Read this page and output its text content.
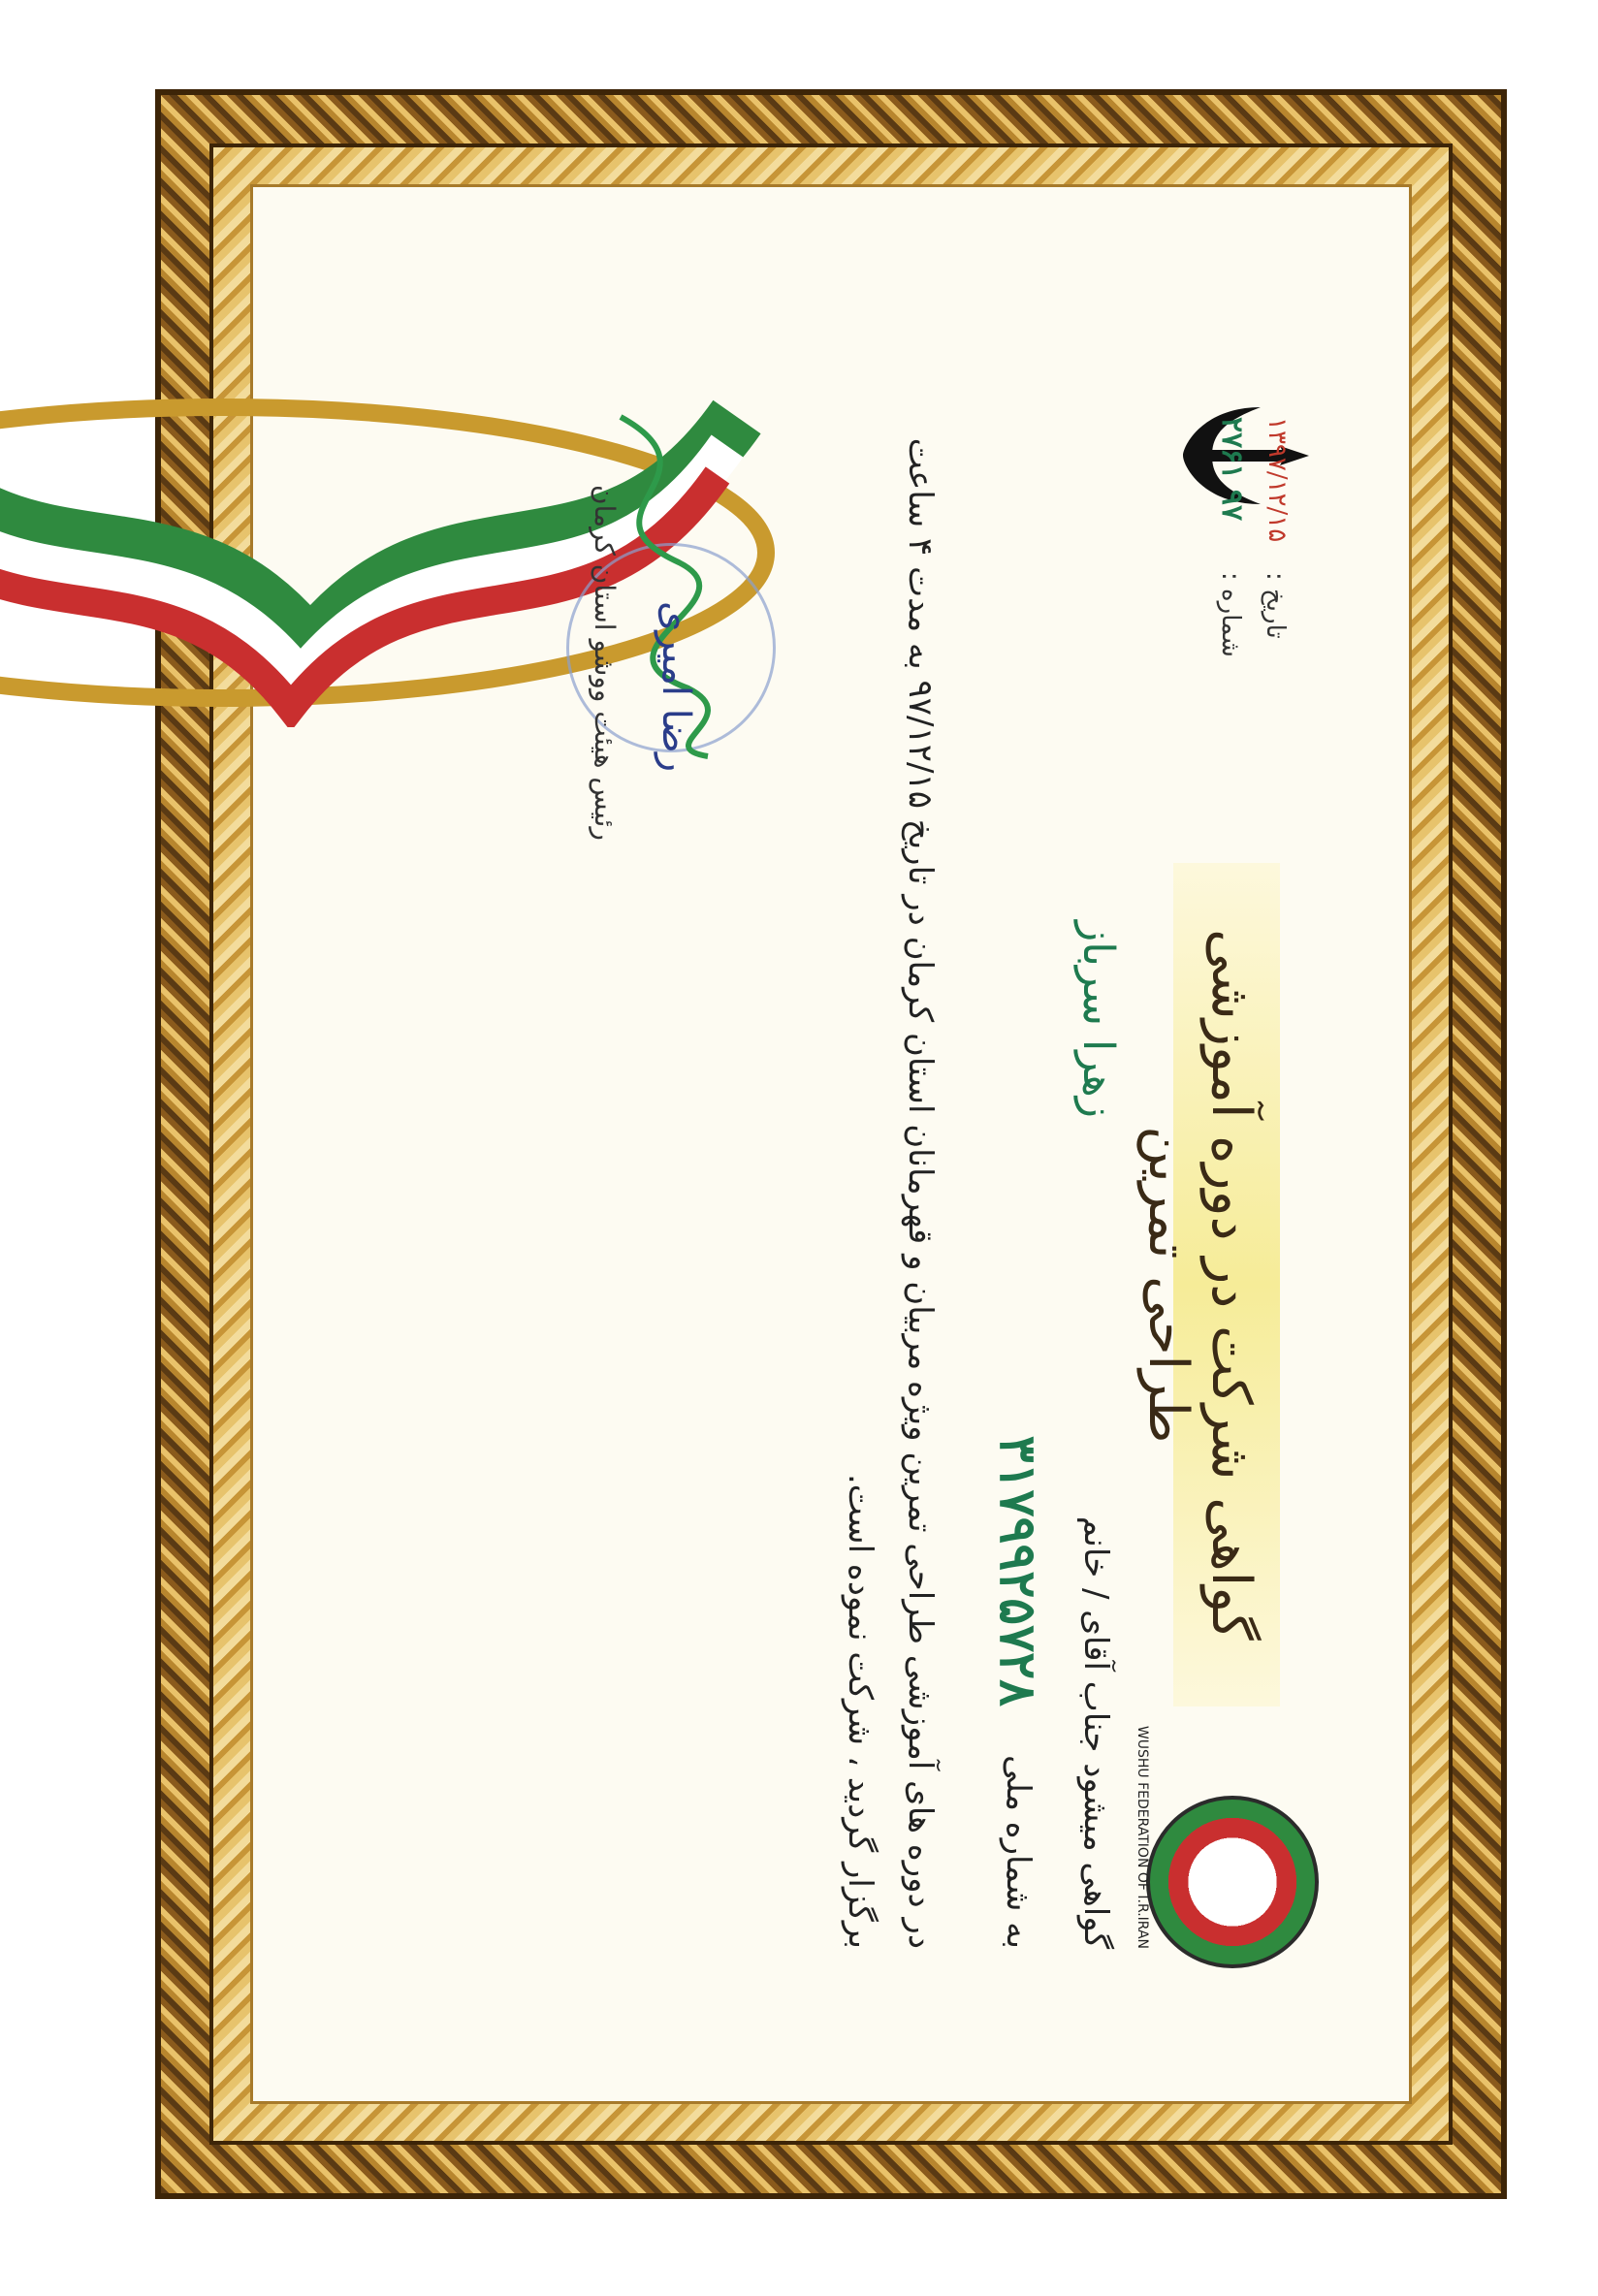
تاریخ :
۱۳۹۷/۱۲/۱۵
شماره :
۲۷۶۱ ۹۷
WUSHU FEDERATION OF I.R.IRAN
گواهی شرکت در دوره آموزشی طراحی تمرین
گواهی میشود جناب آقای / خانم
زهرا سرباز
به شماره ملی
۳۱۷۹۹۲۵۷۲۸
در دوره های آموزشی طراحی تمرین ویژه مربیان و قهرمانان استان کرمان در تاریخ ۹۷/۱۲/۱۵ به مدت ۴ ساعت برگزار گردید ، شرکت نموده است.
رضا امیری
رئیس هیئت ووشو استان کرمان
